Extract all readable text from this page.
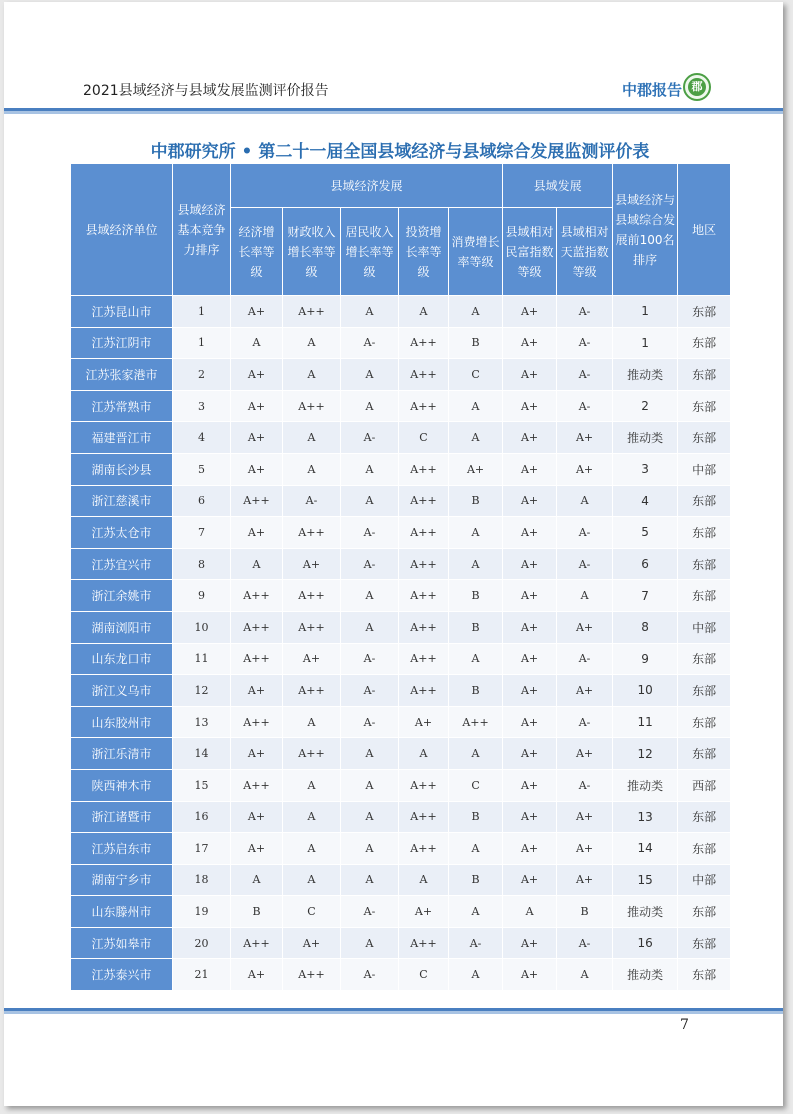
2021县域经济与县域发展监测评价报告	中郡报告 郡
中郡研究所 • 第二十一届全国县域经济与县域综合发展监测评价表
县域经济单位	县域经济基本竞争力排序	县域经济发展					县域发展		县域经济与县域综合发展前100名排序	地区
		经济增长率等级	财政收入增长率等级	居民收入增长率等级	投资增长率等级	消费增长率等级	县域相对民富指数等级	县域相对天蓝指数等级		
江苏昆山市	1	A+	A++	A	A	A	A+	A-	1	东部
江苏江阴市	1	A	A	A-	A++	B	A+	A-	1	东部
江苏张家港市	2	A+	A	A	A++	C	A+	A-	推动类	东部
江苏常熟市	3	A+	A++	A	A++	A	A+	A-	2	东部
福建晋江市	4	A+	A	A-	C	A	A+	A+	推动类	东部
湖南长沙县	5	A+	A	A	A++	A+	A+	A+	3	中部
浙江慈溪市	6	A++	A-	A	A++	B	A+	A	4	东部
江苏太仓市	7	A+	A++	A-	A++	A	A+	A-	5	东部
江苏宜兴市	8	A	A+	A-	A++	A	A+	A-	6	东部
浙江余姚市	9	A++	A++	A	A++	B	A+	A	7	东部
湖南浏阳市	10	A++	A++	A	A++	B	A+	A+	8	中部
山东龙口市	11	A++	A+	A-	A++	A	A+	A-	9	东部
浙江义乌市	12	A+	A++	A-	A++	B	A+	A+	10	东部
山东胶州市	13	A++	A	A-	A+	A++	A+	A-	11	东部
浙江乐清市	14	A+	A++	A	A	A	A+	A+	12	东部
陕西神木市	15	A++	A	A	A++	C	A+	A-	推动类	西部
浙江诸暨市	16	A+	A	A	A++	B	A+	A+	13	东部
江苏启东市	17	A+	A	A	A++	A	A+	A+	14	东部
湖南宁乡市	18	A	A	A	A	B	A+	A+	15	中部
山东滕州市	19	B	C	A-	A+	A	A	B	推动类	东部
江苏如皋市	20	A++	A+	A	A++	A-	A+	A-	16	东部
江苏泰兴市	21	A+	A++	A-	C	A	A+	A	推动类	东部
7
